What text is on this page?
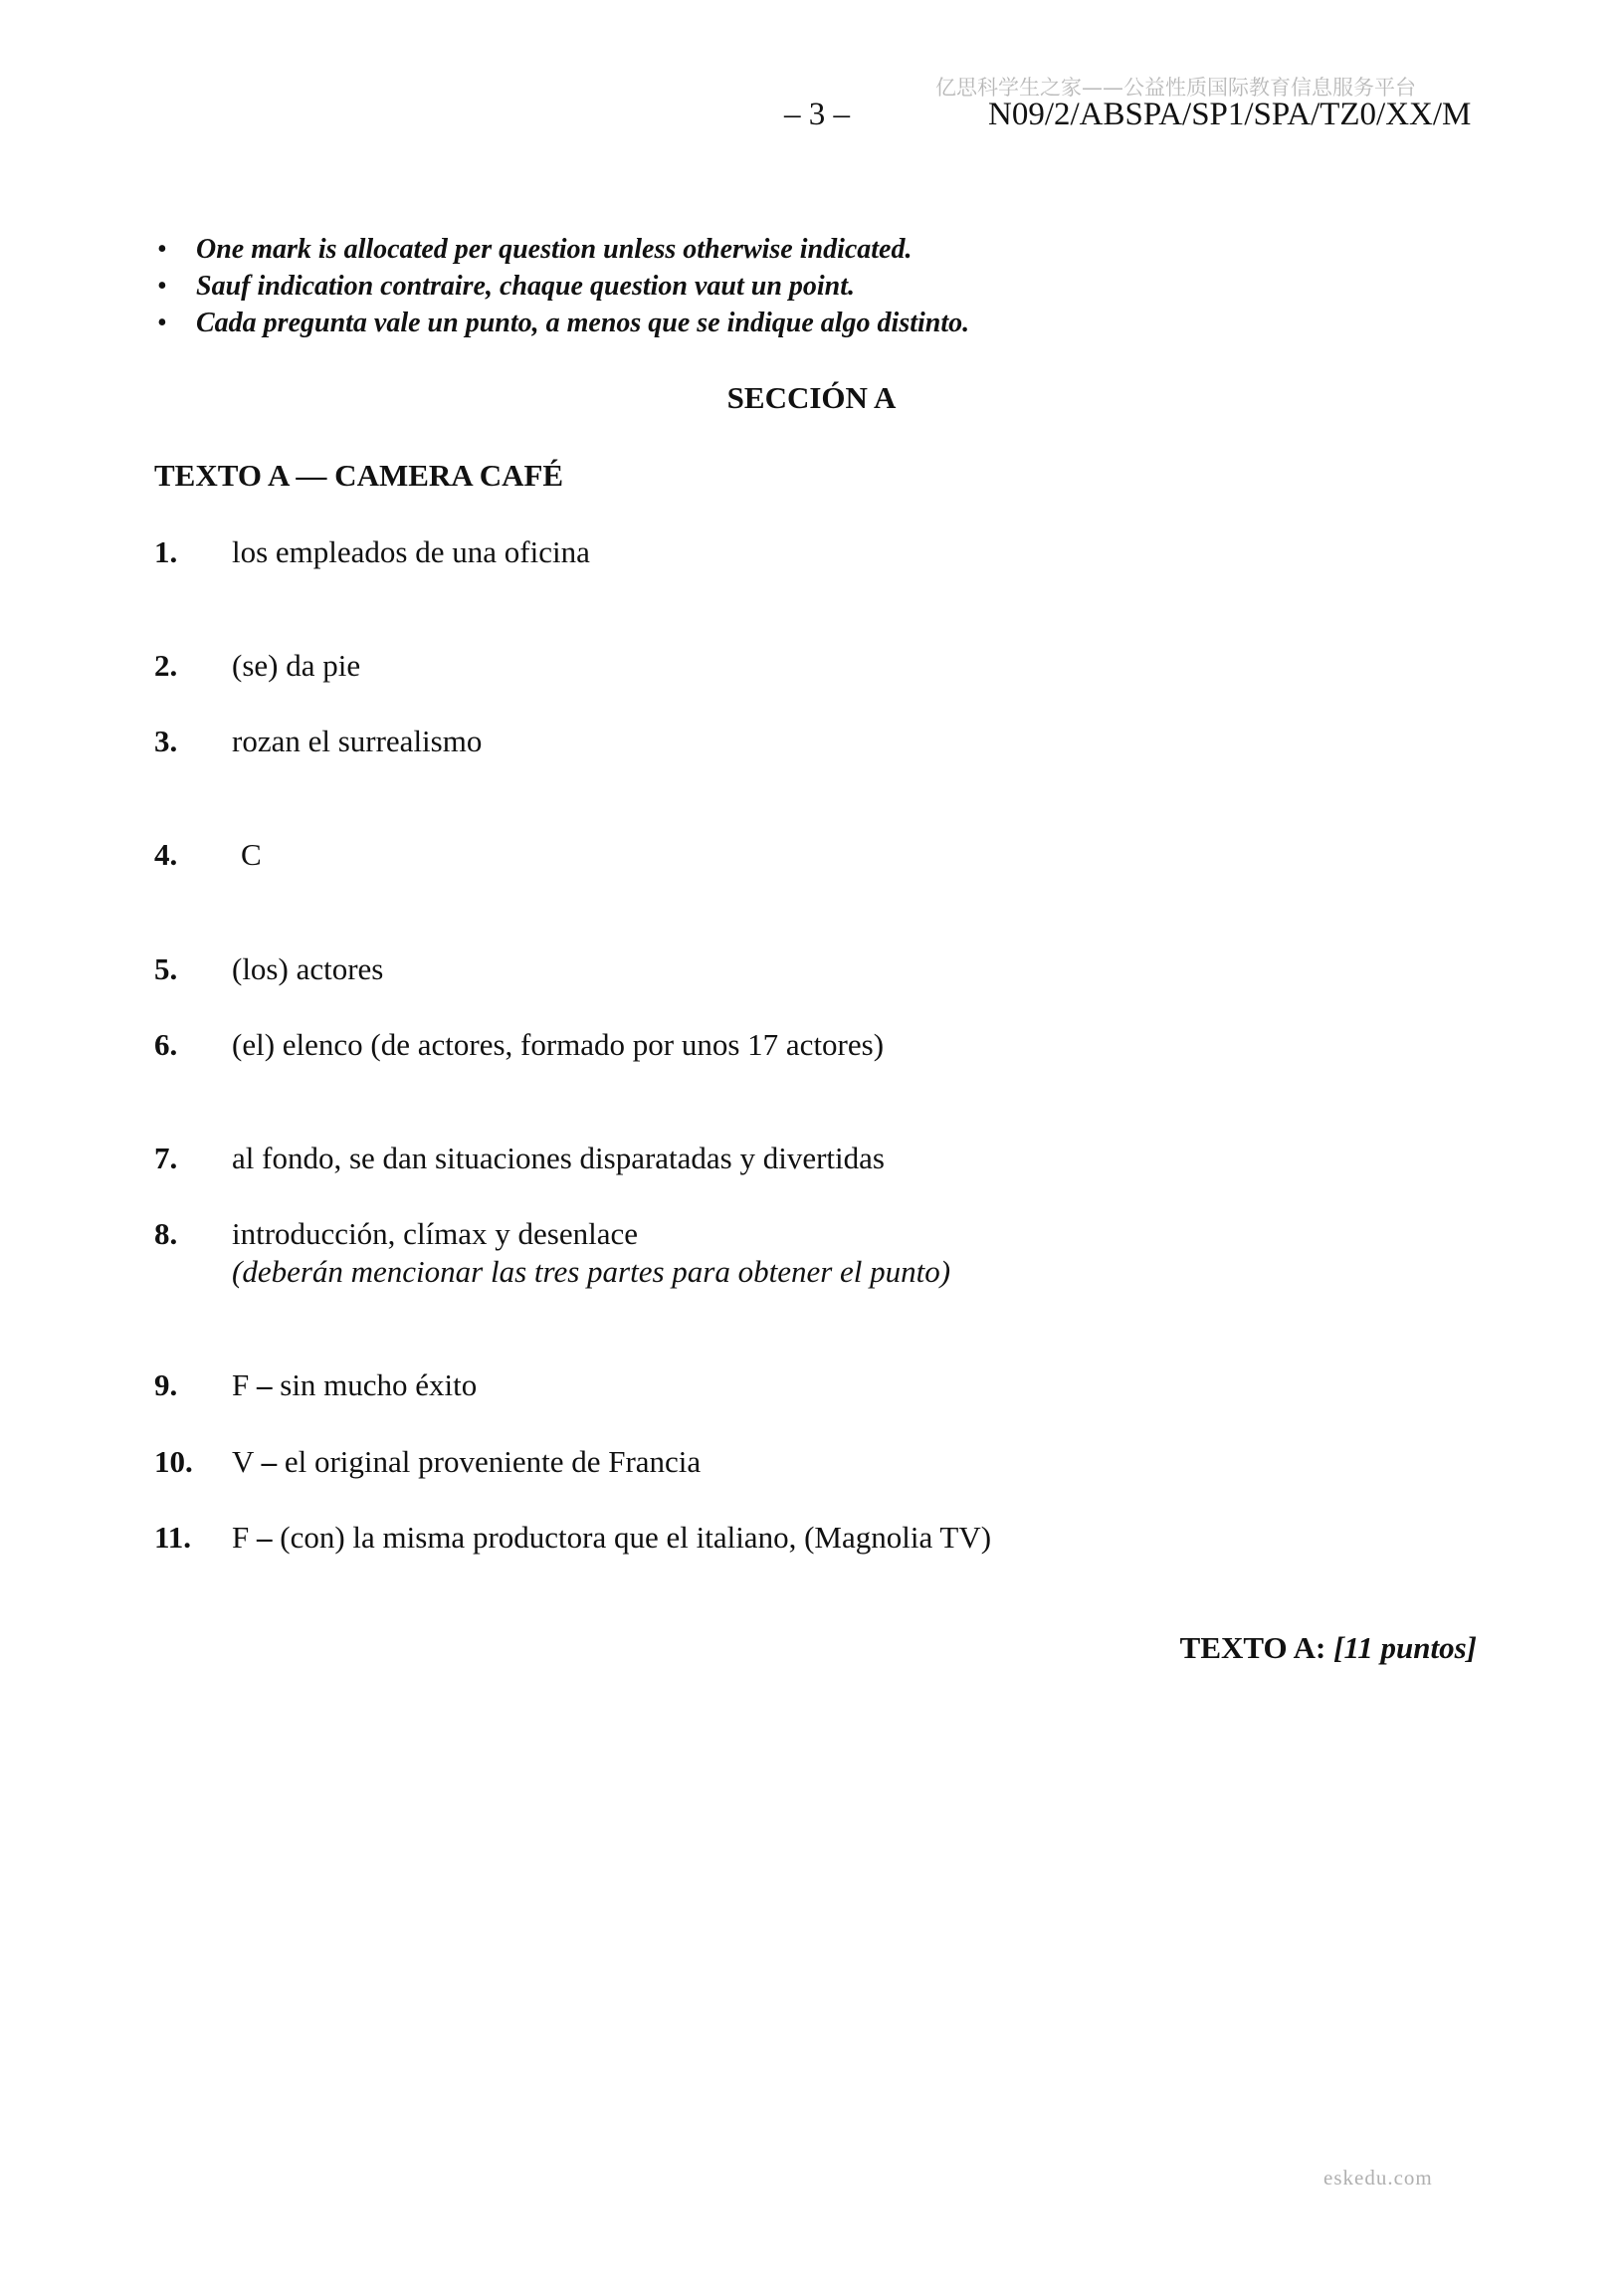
亿思科学生之家——公益性质国际教育信息服务平台
– 3 –	N09/2/ABSPA/SP1/SPA/TZ0/XX/M
• One mark is allocated per question unless otherwise indicated.
• Sauf indication contraire, chaque question vaut un point.
• Cada pregunta vale un punto, a menos que se indique algo distinto.
SECCIÓN A
TEXTO A — CAMERA CAFÉ
1. los empleados de una oficina
2. (se) da pie
3. rozan el surrealismo
4. C
5. (los) actores
6. (el) elenco (de actores, formado por unos 17 actores)
7. al fondo, se dan situaciones disparatadas y divertidas
8. introducción, clímax y desenlace
(deberán mencionar las tres partes para obtener el punto)
9. F – sin mucho éxito
10. V – el original proveniente de Francia
11. F – (con) la misma productora que el italiano, (Magnolia TV)
TEXTO A: [11 puntos]
eskedu.com
